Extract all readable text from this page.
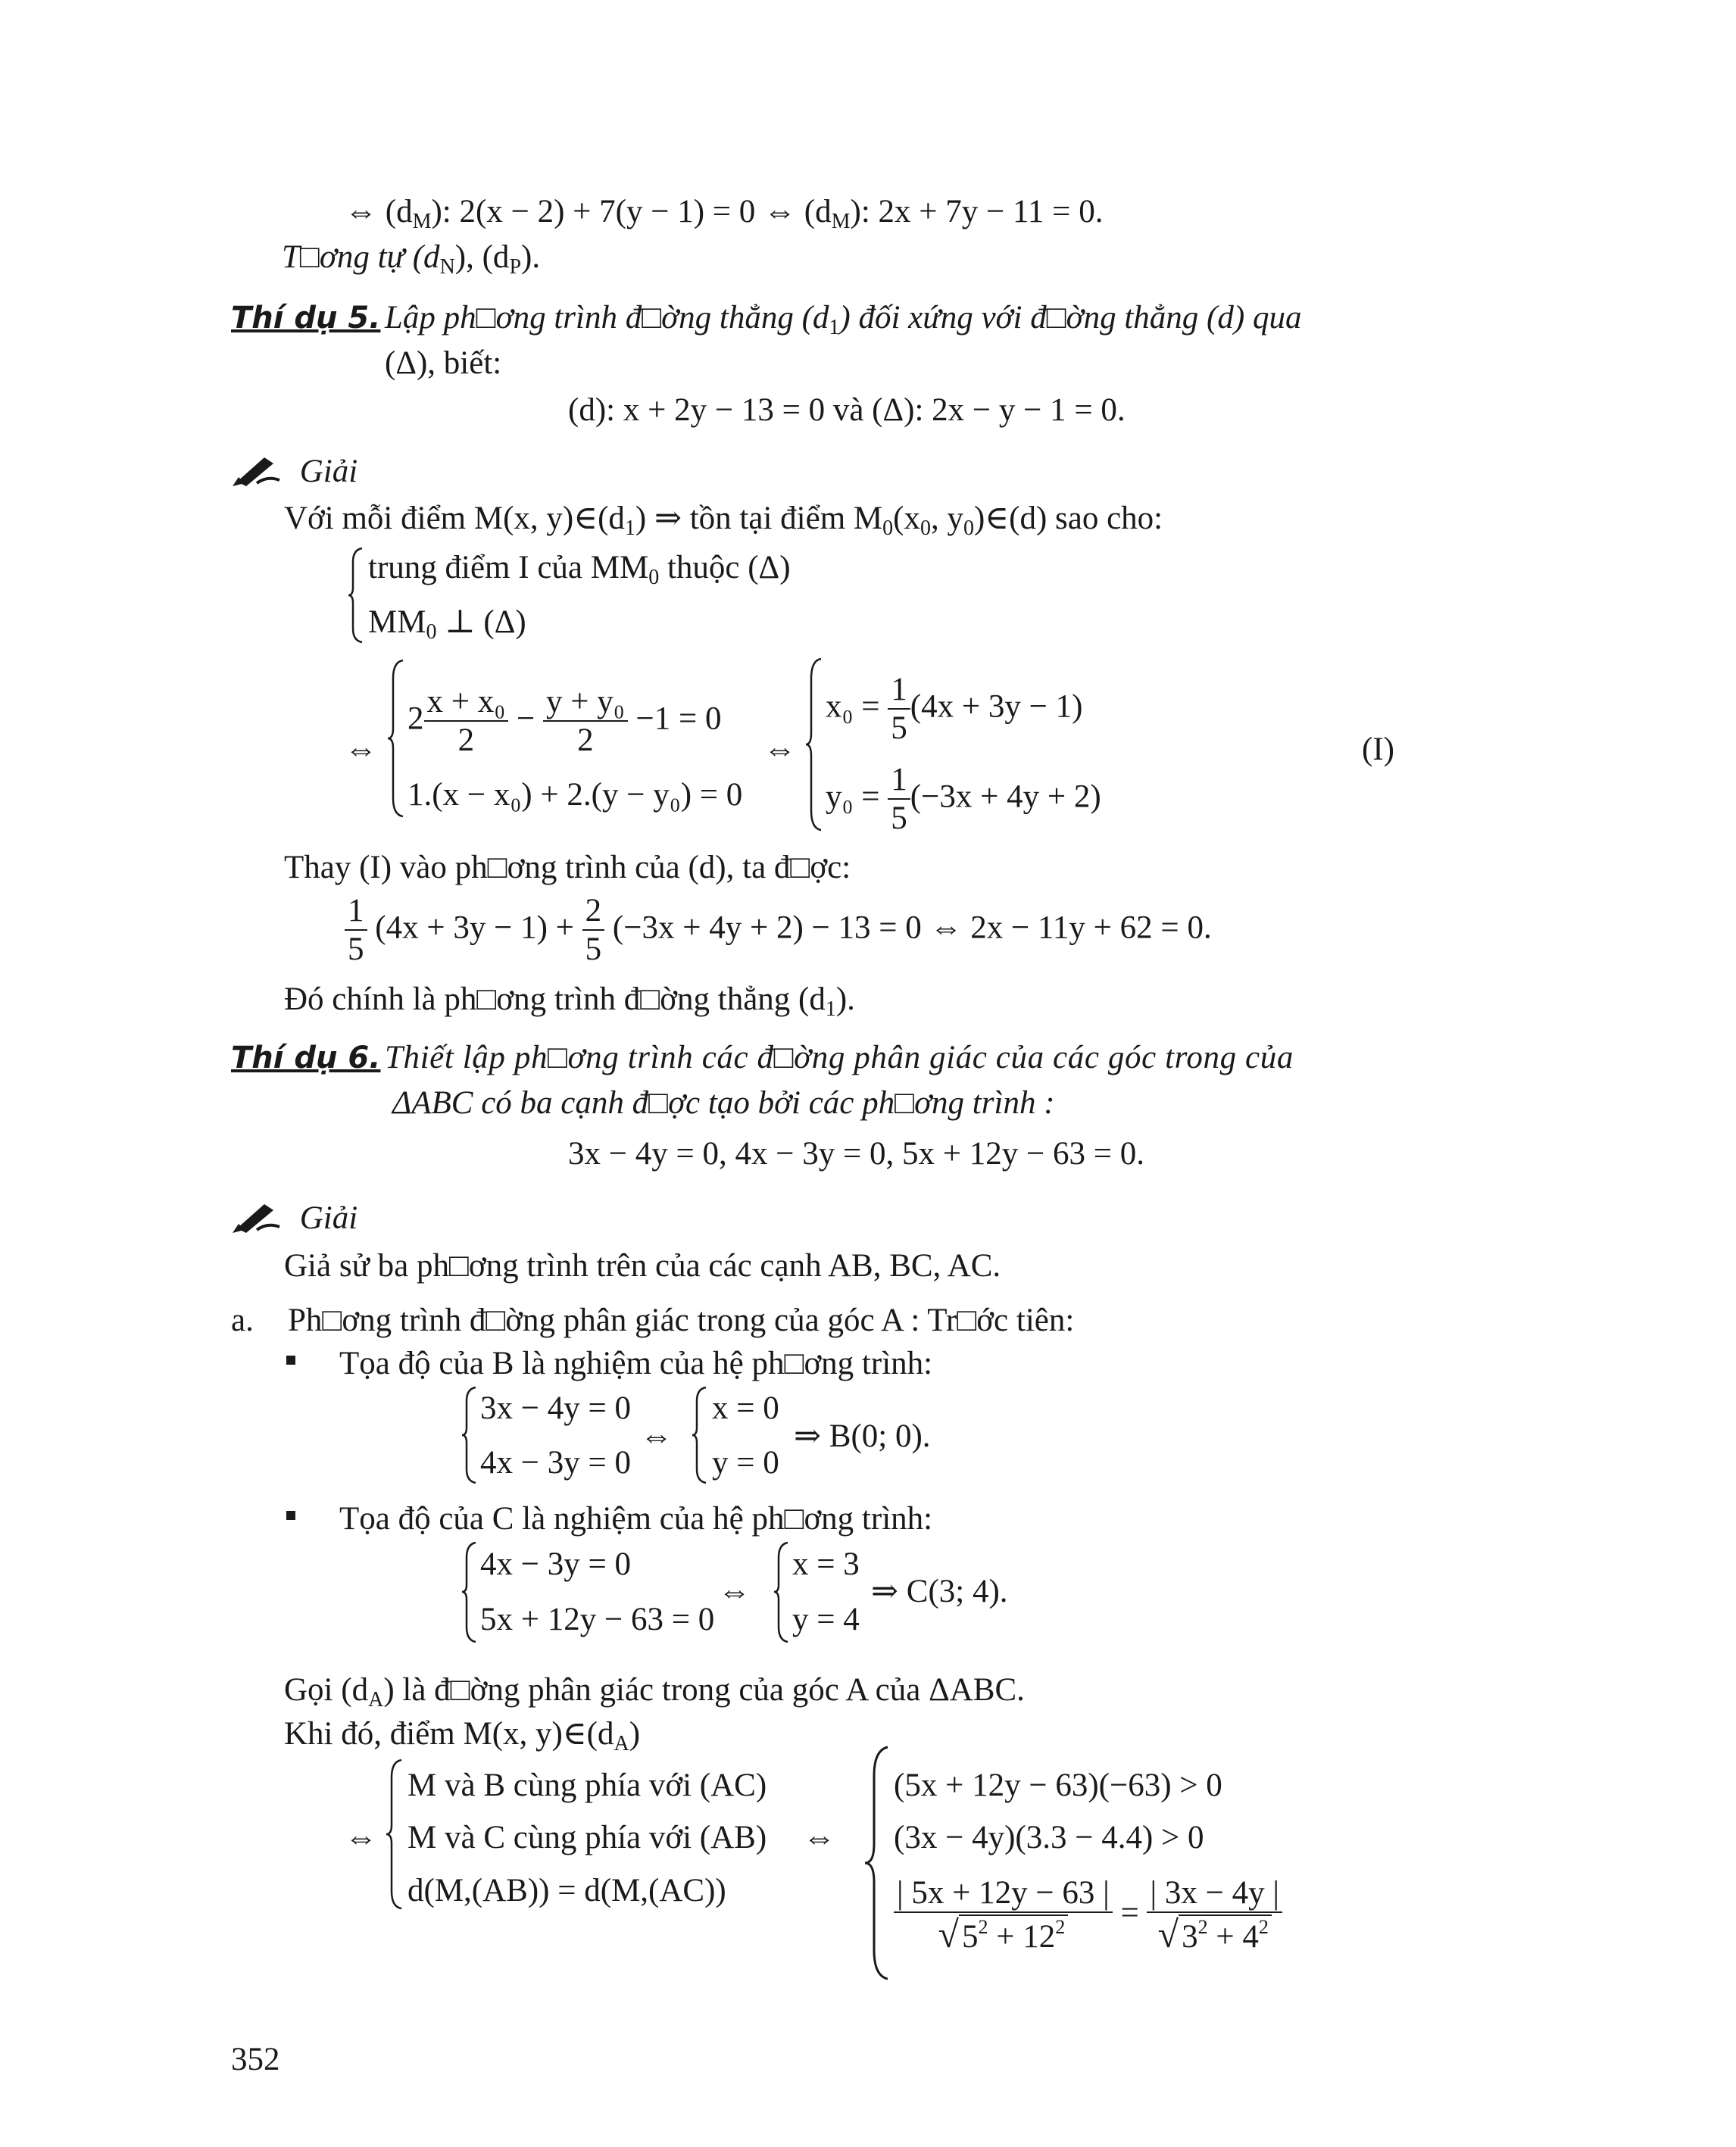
⇔ $(d_M)$: 2(x − 2) + 7(y − 1) = 0 ⇔ $(d_M)$: 2x + 7y − 11 = 0.
T□ơng tự $(d_N)$, $(d_P)$.
Thí dụ 5. Lập ph□ơng trình đ□ờng thẳng $(d_1)$ đối xứng với đ□ờng thẳng (d) qua
(Δ), biết:
(d): x + 2y − 13 = 0 và (Δ): 2x − y − 1 = 0.
Giải
Với mỗi điểm M(x, $y)\in(d_1)$ ⇒ tồn tại điểm $M_0(x_0$, $y_0)\in(d)$ sao cho:
trung điểm I của $MM_0$ thuộc (Δ)
$MM_0$ ⊥ (Δ)
⇔
$2 \frac{\text{x + x₀}}{2} - \frac{\text{y + y₀}}{2} -1 = 0$
1.(x − x₀) + 2.(y − y₀) = 0
⇔
$x_0 = \frac{1}{5} (4x + 3y - 1)$
$y_0 = \frac{1}{5} (-3x + 4y + 2)$
(I)
Thay (I) vào ph□ơng trình của (d), ta đ□ợc:
$\frac{1}{5} (4x + 3y - 1) + \frac{2}{5} (-3x + 4y + 2) - 13 = 0$ ⇔ 2x − 11y + 62 = 0.
Đó chính là ph□ơng trình đ□ờng thẳng $(d_1)$.
Thí dụ 6. Thiết lập ph□ơng trình các đ□ờng phân giác của các góc trong của
ΔABC có ba cạnh đ□ợc tạo bởi các ph□ơng trình :
3x − 4y = 0, 4x − 3y = 0, 5x + 12y − 63 = 0.
Giải
Giả sử ba ph□ơng trình trên của các cạnh AB, BC, AC.
a. Ph□ơng trình đ□ờng phân giác trong của góc A : Tr□ớc tiên:
Tọa độ của B là nghiệm của hệ ph□ơng trình:
3x − 4y = 0
4x − 3y = 0
⇔
x = 0
y = 0
⇒ B(0; 0).
Tọa độ của C là nghiệm của hệ ph□ơng trình:
4x − 3y = 0
5x + 12y − 63 = 0
⇔
x = 3
y = 4
⇒ C(3; 4).
Gọi $(d_A)$ là đ□ờng phân giác trong của góc A của ΔABC.
Khi đó, điểm M(x, $y)\in(d_A)$
⇔
M và B cùng phía với (AC)
M và C cùng phía với (AB)
d(M,(AB)) = d(M,(AC))
⇔
(5x + 12y − 63)(−63) > 0
(3x − 4y)(3.3 − 4.4) > 0
$\frac{| 5x + 12y - 63 |}{√5^2 + 12^2} = \frac{| 3x - 4y |}{√3^2 + 4^2}$
352
